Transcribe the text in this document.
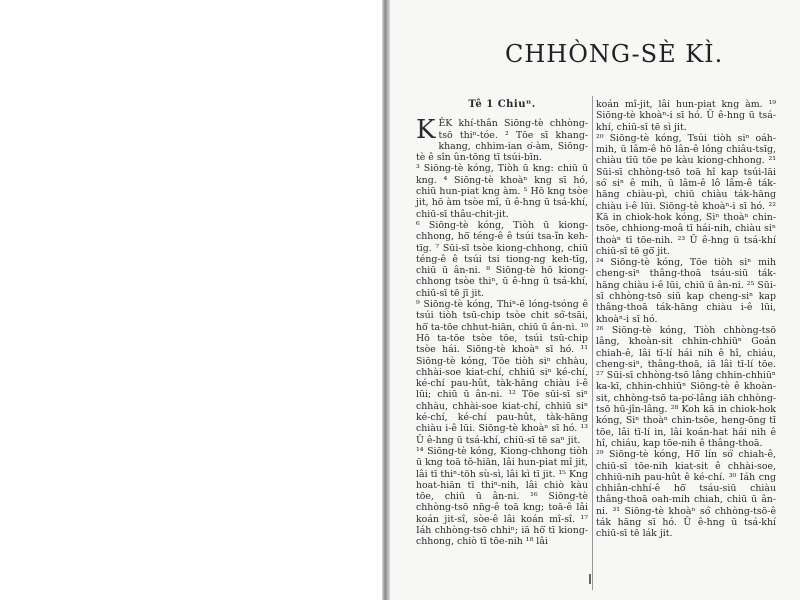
CHHÒNG-SÈ KÌ.
Tê 1 Chiuⁿ.

KÊK khí-thân Siōng-tè chhòng-tsō thiⁿ-tóe. ² Tōe sī khang-khang, chhim-ian o͘-àm, Siōng-tè ê sîn ûn-tōng tī tsúi-bīn.

³ Siōng-tè kóng, Tiòh ū kng: chiū ū kng. ⁴ Siōng-tè khoàⁿ kng sī hó, chiū hun-piat kng àm. ⁵ Hō kng tsòe jit, hō àm tsòe mî, ū ê-hng ū tsá-khí, chiū-sī thâu-chit-jit.

⁶ Siōng-tè kóng, Tiòh ū kiong-chhong, hō͘ téng-ê ê tsúi tsa-ĩn keh-tīg. ⁷ Sūi-sī tsòe kiong-chhong, chiū téng-ê ê tsúi tsi tiong-ng keh-tīg, chiū ū ân-ni. ⁸ Siōng-tè hō kiong-chhong tsòe thiⁿ, ū ê-hng ū tsá-khí, chiū-sī tē jī jit.

⁹ Siōng-tè kóng, Thiⁿ-ē lóng-tsóng ê tsúi tiòh tsū-chip tsòe chit só͘-tsāi, hō͘ ta-tōe chhut-hiān, chiū ū ân-ni. ¹⁰ Hō ta-tōe tsòe tōe, tsúi tsū-chip tsòe hái. Siōng-tè khoàⁿ sī hó. ¹¹ Siōng-tè kóng, Tōe tiòh siⁿ chhàu, chhài-soe kiat-chí, chhiū siⁿ ké-chí, ké-chí pau-hût, tàk-hāng chiàu i-ê lūi; chiū ū ân-ni. ¹² Tōe sūi-sī siⁿ chhàu, chhài-soe kiat-chí, chhiū siⁿ ké-chí, ké-chí pau-hût, tàk-hāng chiàu i-ê lūi. Siōng-tè khoàⁿ sī hó. ¹³ Ū ê-hng ū tsá-khí, chiū-sī tē saⁿ jit.

¹⁴ Siōng-tè kóng, Kiong-chhong tiòh ū kng toā tŏ-hiān, lâi hun-piat mî jit, lâi tī thiⁿ-tōh sù-sì, lâi kì tī jit. ¹⁵ Kng hoat-hiān tī thiⁿ-nih, lâi chiò kàu tōe, chiū ū ân-ni. ¹⁶ Siōng-tè chhòng-tsō nn̄g-ê toā kng; toā-ê lâi koán jit-sî, sòe-ê lâi koán mî-sî. ¹⁷ Iáh chhòng-tsō chhiⁿ; iā hō͘ tī kiong-chhong, chiò tī tōe-nih ¹⁸ lâi

koán mî-jit, lâi hun-piat kng àm. ¹⁹ Siōng-tè khoàⁿ-i sī hó. Ū ê-hng ū tsá-khí, chiū-sī tē sì jit.

²⁰ Siōng-tè kóng, Tsúi tiòh siⁿ oáh-mih, ū lâm-ê hō lân-ê lóng chiâu-tsīg, chiàu tīū tōe pe kàu kiong-chhong. ²¹ Sūi-sī chhòng-tsō toā hî kap tsúi-lāi só͘ siⁿ ê mih, ū lâm-ê lô lâm-ê ták-hāng chiàu-pì, chiū chiàu ták-hāng chiàu i-ê lūi. Siōng-tè khoàⁿ-i sī hó. ²² Kā in chiok-hok kóng, Siⁿ thoàⁿ chin-tsōe, chhiong-moâ tī hái-nih, chiàu siⁿ thoàⁿ tī tōe-nih. ²³ Ū ê-hng ū tsá-khí chiū-sī tē gō͘ jit.

²⁴ Siōng-tè kóng, Tōe tiòh siⁿ mih cheng-siⁿ thâng-thoā tsáu-siū ták-hāng chiàu i-ê lūi, chiū ū ân-ni. ²⁵ Sūi-sī chhòng-tsō siū kap cheng-siⁿ kap thâng-thoā ták-hāng chiàu i-ê lūi, khoàⁿ-i sī hó.

²⁶ Siōng-tè kóng, Tiòh chhòng-tsō lâng, khoàn-sit chhin-chhiūⁿ Goán chiah-ê, lâi tī-lí hái nih ê hî, chiáu, cheng-siⁿ, thâng-thoā, iā lâi tī-lí tōe. ²⁷ Sūi-sī chhòng-tsō lâng chhin-chhiūⁿ ka-kī, chhin-chhiūⁿ Siōng-tè ê khoàn-sit, chhòng-tsō ta-po͘-lâng iāh chhòng-tsō hū-jîn-lâng. ²⁸ Koh kā in chiok-hok kóng, Siⁿ thoàⁿ chin-tsōe, heng-ōng tī tōe, lâi tī-lí in, lâi koán-hat hái nih ê hî, chiáu, kap tōe-nih ê thâng-thoā.

²⁹ Siōng-tè kóng, Hō͘ lín só͘ chiah-ê, chiū-sī tōe-nih kiat-sit ê chhài-soe, chhiū-nih pau-hût ê ké-chí. ³⁰ Iáh cng chhiân-chhí-ê hō͘ tsáu-siū chiàu thâng-thoā oah-mih chiah, chiū ū ân-ni. ³¹ Siōng-tè khoàⁿ só͘ chhòng-tsō-ê ták hāng sī hó. Ū ê-hng ū tsá-khí chiū-sī tē lák jit.
